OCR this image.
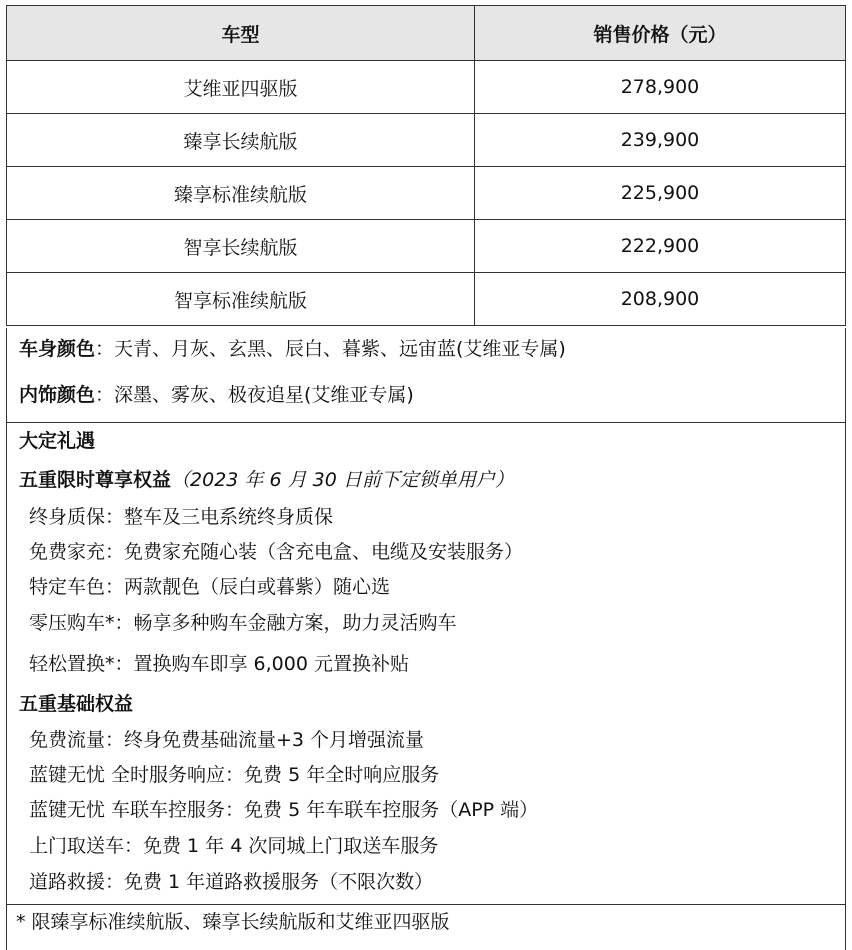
车型	销售价格（元）
艾维亚四驱版	278,900
臻享长续航版	239,900
臻享标准续航版	225,900
智享长续航版	222,900
智享标准续航版	208,900
车身颜色：天青、月灰、玄黑、辰白、暮紫、远宙蓝(艾维亚专属)
内饰颜色：深墨、雾灰、极夜追星(艾维亚专属)
大定礼遇
五重限时尊享权益（2023 年 6 月 30 日前下定锁单用户）
终身质保：整车及三电系统终身质保
免费家充：免费家充随心装（含充电盒、电缆及安装服务）
特定车色：两款靓色（辰白或暮紫）随心选
零压购车*：畅享多种购车金融方案，助力灵活购车
轻松置换*：置换购车即享 6,000 元置换补贴
五重基础权益
免费流量：终身免费基础流量+3 个月增强流量
蓝键无忧 全时服务响应：免费 5 年全时响应服务
蓝键无忧 车联车控服务：免费 5 年车联车控服务（APP 端）
上门取送车：免费 1 年 4 次同城上门取送车服务
道路救援：免费 1 年道路救援服务（不限次数）
* 限臻享标准续航版、臻享长续航版和艾维亚四驱版
